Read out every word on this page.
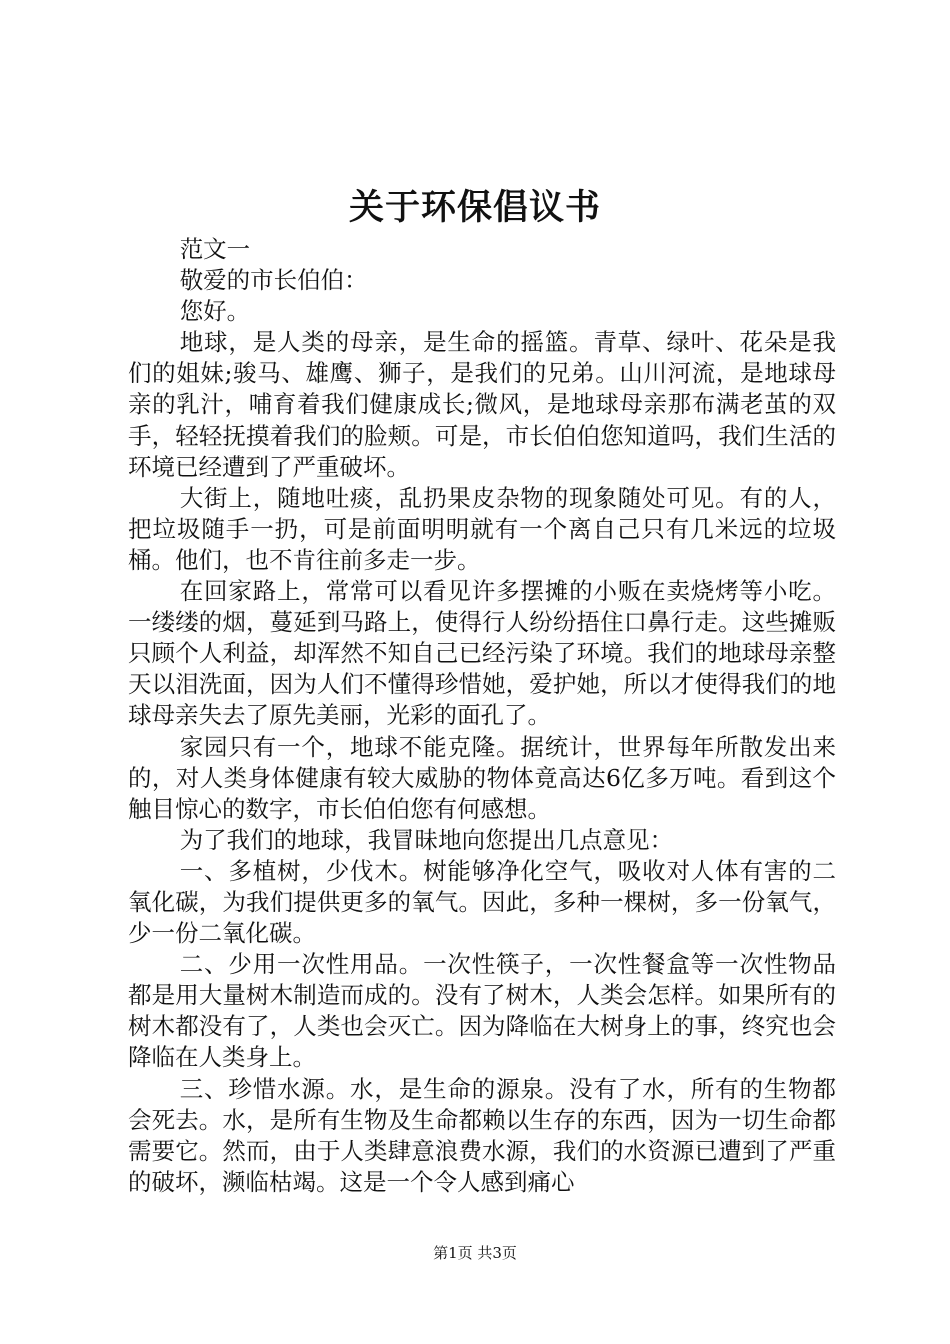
关于环保倡议书

范文一

敬爱的市长伯伯：

您好。

地球，是人类的母亲，是生命的摇篮。青草、绿叶、花朵是我们的姐妹;骏马、雄鹰、狮子，是我们的兄弟。山川河流，是地球母亲的乳汁，哺育着我们健康成长;微风，是地球母亲那布满老茧的双手，轻轻抚摸着我们的脸颊。可是，市长伯伯您知道吗，我们生活的环境已经遭到了严重破坏。

大街上，随地吐痰，乱扔果皮杂物的现象随处可见。有的人，把垃圾随手一扔，可是前面明明就有一个离自己只有几米远的垃圾桶。他们，也不肯往前多走一步。

在回家路上，常常可以看见许多摆摊的小贩在卖烧烤等小吃。一缕缕的烟，蔓延到马路上，使得行人纷纷捂住口鼻行走。这些摊贩只顾个人利益，却浑然不知自己已经污染了环境。我们的地球母亲整天以泪洗面，因为人们不懂得珍惜她，爱护她，所以才使得我们的地球母亲失去了原先美丽，光彩的面孔了。

家园只有一个，地球不能克隆。据统计，世界每年所散发出来的，对人类身体健康有较大威胁的物体竟高达6亿多万吨。看到这个触目惊心的数字，市长伯伯您有何感想。

为了我们的地球，我冒昧地向您提出几点意见：

一、多植树，少伐木。树能够净化空气，吸收对人体有害的二氧化碳，为我们提供更多的氧气。因此，多种一棵树，多一份氧气，少一份二氧化碳。

二、少用一次性用品。一次性筷子，一次性餐盒等一次性物品都是用大量树木制造而成的。没有了树木，人类会怎样。如果所有的树木都没有了，人类也会灭亡。因为降临在大树身上的事，终究也会降临在人类身上。

三、珍惜水源。水，是生命的源泉。没有了水，所有的生物都会死去。水，是所有生物及生命都赖以生存的东西，因为一切生命都需要它。然而，由于人类肆意浪费水源，我们的水资源已遭到了严重的破坏，濒临枯竭。这是一个令人感到痛心

第1页 共3页
